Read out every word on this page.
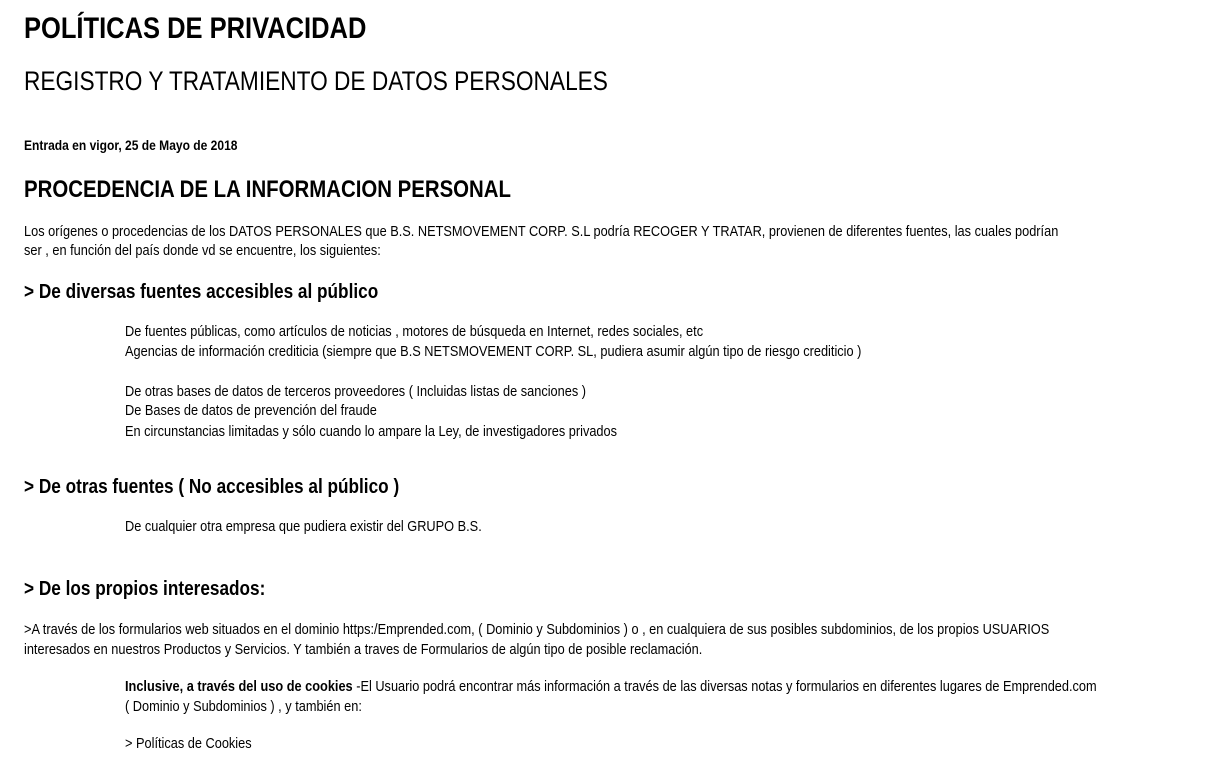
POLÍTICAS DE PRIVACIDAD
REGISTRO Y TRATAMIENTO DE DATOS PERSONALES
Entrada en vigor, 25 de Mayo de 2018
PROCEDENCIA DE LA INFORMACION PERSONAL
Los orígenes o procedencias de los DATOS PERSONALES que B.S. NETSMOVEMENT CORP. S.L podría RECOGER Y TRATAR, provienen de diferentes fuentes, las cuales podrían
ser , en función del país donde vd se encuentre, los siguientes:
> De diversas fuentes accesibles al público
De fuentes públicas, como artículos de noticias , motores de búsqueda en Internet, redes sociales, etc
Agencias de información crediticia (siempre que B.S NETSMOVEMENT CORP. SL, pudiera asumir algún tipo de riesgo crediticio )
De otras bases de datos de terceros proveedores ( Incluidas listas de sanciones )
De Bases de datos de prevención del fraude
En circunstancias limitadas y sólo cuando lo ampare la Ley, de investigadores privados
> De otras fuentes ( No accesibles al público )
De cualquier otra empresa que pudiera existir del GRUPO B.S.
> De los propios interesados:
>A través de los formularios web situados en el dominio https:/Emprended.com, ( Dominio y Subdominios ) o , en cualquiera de sus posibles subdominios, de los propios USUARIOS
interesados en nuestros Productos y Servicios. Y también a traves de Formularios de algún tipo de posible reclamación.
Inclusive, a través del uso de cookies -El Usuario podrá encontrar más información a través de las diversas notas y formularios en diferentes lugares de Emprended.com
( Dominio y Subdominios ) , y también en:
> Políticas de Cookies
